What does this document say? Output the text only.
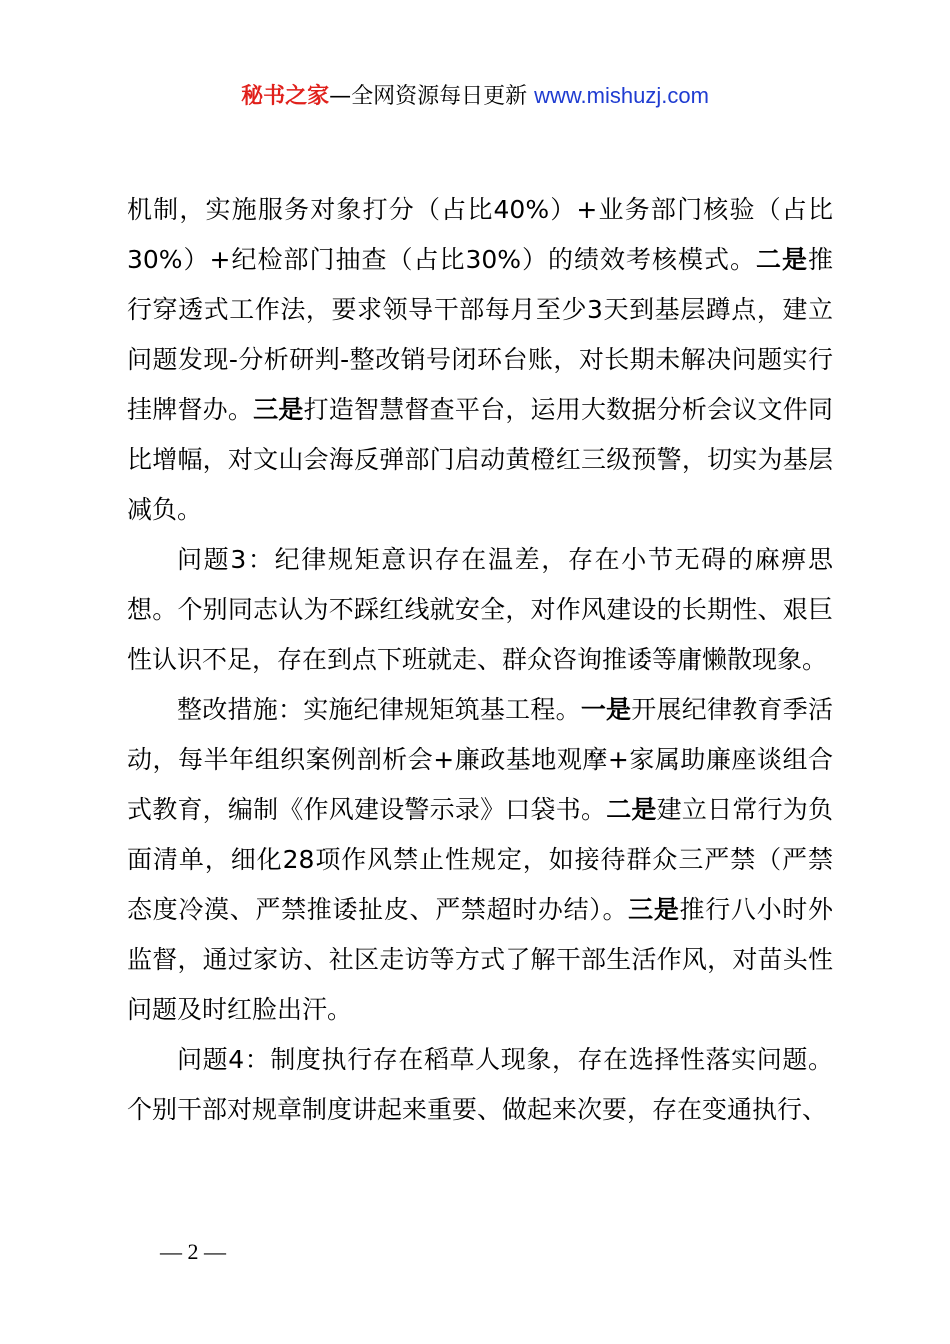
秘书之家—全网资源每日更新 www.mishuzj.com

机制，实施服务对象打分（占比40%）+业务部门核验（占比30%）+纪检部门抽查（占比30%）的绩效考核模式。二是推行穿透式工作法，要求领导干部每月至少3天到基层蹲点，建立问题发现-分析研判-整改销号闭环台账，对长期未解决问题实行挂牌督办。三是打造智慧督查平台，运用大数据分析会议文件同比增幅，对文山会海反弹部门启动黄橙红三级预警，切实为基层减负。

问题3：纪律规矩意识存在温差，存在小节无碍的麻痹思想。个别同志认为不踩红线就安全，对作风建设的长期性、艰巨性认识不足，存在到点下班就走、群众咨询推诿等庸懒散现象。

整改措施：实施纪律规矩筑基工程。一是开展纪律教育季活动，每半年组织案例剖析会+廉政基地观摩+家属助廉座谈组合式教育，编制《作风建设警示录》口袋书。二是建立日常行为负面清单，细化28项作风禁止性规定，如接待群众三严禁（严禁态度冷漠、严禁推诿扯皮、严禁超时办结）。三是推行八小时外监督，通过家访、社区走访等方式了解干部生活作风，对苗头性问题及时红脸出汗。

问题4：制度执行存在稻草人现象，存在选择性落实问题。个别干部对规章制度讲起来重要、做起来次要，存在变通执行、

— 2 —
